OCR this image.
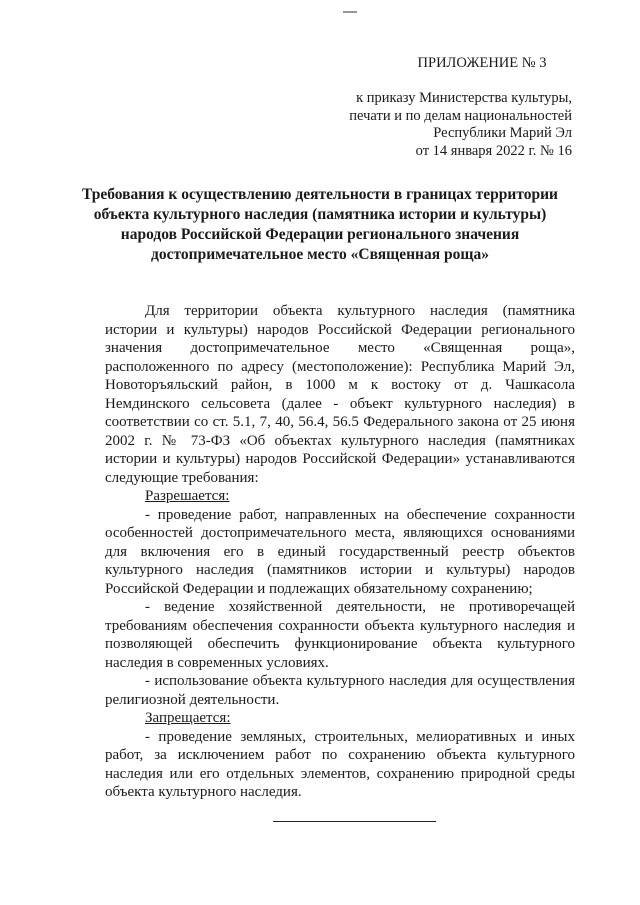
ПРИЛОЖЕНИЕ № 3

к приказу Министерства культуры,
печати и по делам национальностей
Республики Марий Эл
от 14 января 2022 г. № 16
Требования к осуществлению деятельности в границах территории
объекта культурного наследия (памятника истории и культуры)
народов Российской Федерации регионального значения
достопримечательное место «Священная роща»

Для территории объекта культурного наследия (памятника истории и культуры) народов Российской Федерации регионального значения достопримечательное место «Священная роща», расположенного по адресу (местоположение): Республика Марий Эл, Новоторъяльский район, в 1000 м к востоку от д. Чашкасола Немдинского сельсовета (далее - объект культурного наследия) в соответствии со ст. 5.1, 7, 40, 56.4, 56.5 Федерального закона от 25 июня 2002 г. № 73-ФЗ «Об объектах культурного наследия (памятниках истории и культуры) народов Российской Федерации» устанавливаются следующие требования:

Разрешается:

- проведение работ, направленных на обеспечение сохранности особенностей достопримечательного места, являющихся основаниями для включения его в единый государственный реестр объектов культурного наследия (памятников истории и культуры) народов Российской Федерации и подлежащих обязательному сохранению;

- ведение хозяйственной деятельности, не противоречащей требованиям обеспечения сохранности объекта культурного наследия и позволяющей обеспечить функционирование объекта культурного наследия в современных условиях.

- использование объекта культурного наследия для осуществления религиозной деятельности.

Запрещается:

- проведение земляных, строительных, мелиоративных и иных работ, за исключением работ по сохранению объекта культурного наследия или его отдельных элементов, сохранению природной среды объекта культурного наследия.
